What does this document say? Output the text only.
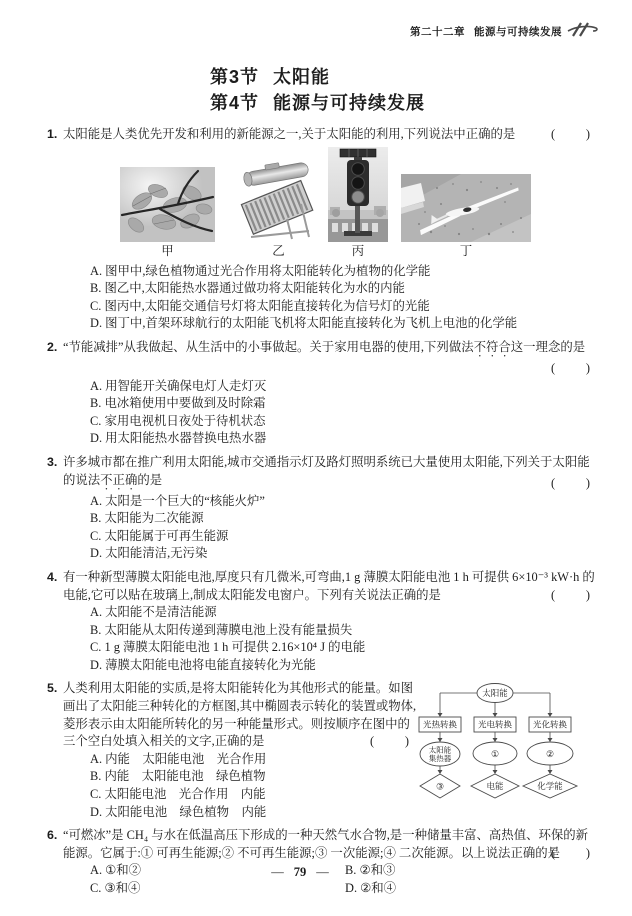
第二十二章 能源与可持续发展
第3节 太阳能
第4节 能源与可持续发展
1. 太阳能是人类优先开发和利用的新能源之一,关于太阳能的利用,下列说法中正确的是	(　　)

甲	乙	丙	丁
A. 图甲中,绿色植物通过光合作用将太阳能转化为植物的化学能
B. 图乙中,太阳能热水器通过做功将太阳能转化为水的内能
C. 图丙中,太阳能交通信号灯将太阳能直接转化为信号灯的光能
D. 图丁中,首架环球航行的太阳能飞机将太阳能直接转化为飞机上电池的化学能
2. “节能减排”从我做起、从生活中的小事做起。关于家用电器的使用,下列做法不符合这一理念的是

(　　)
A. 用智能开关确保电灯人走灯灭
B. 电冰箱使用中要做到及时除霜
C. 家用电视机日夜处于待机状态
D. 用太阳能热水器替换电热水器
3. 许多城市都在推广利用太阳能,城市交通指示灯及路灯照明系统已大量使用太阳能,下列关于太阳能的说法不正确的是	(　　)

A. 太阳是一个巨大的“核能火炉”
B. 太阳能为二次能源
C. 太阳能属于可再生能源
D. 太阳能清洁,无污染
4. 有一种新型薄膜太阳能电池,厚度只有几微米,可弯曲,1 g 薄膜太阳能电池 1 h 可提供 6×10⁻³ kW·h 的电能,它可以贴在玻璃上,制成太阳能发电窗户。下列有关说法正确的是	(　　)

A. 太阳能不是清洁能源
B. 太阳能从太阳传递到薄膜电池上没有能量损失
C. 1 g 薄膜太阳能电池 1 h 可提供 2.16×10⁴ J 的电能
D. 薄膜太阳能电池将电能直接转化为光能
5. 人类利用太阳能的实质,是将太阳能转化为其他形式的能量。如图画出了太阳能三种转化的方框图,其中椭圆表示转化的装置或物体,菱形表示由太阳能所转化的另一种能量形式。则按顺序在图中的三个空白处填入相关的文字,正确的是	(　　)

A. 内能　太阳能电池　光合作用
B. 内能　太阳能电池　绿色植物
C. 太阳能电池　光合作用　内能
D. 太阳能电池　绿色植物　内能
太阳能
光热转换 光电转换 光化转换
太阳能
集热器	①	②
③	电能	化学能
6. “可燃冰”是 CH₄ 与水在低温高压下形成的一种天然气水合物,是一种储量丰富、高热值、环保的新能源。它属于:① 可再生能源;② 不可再生能源;③ 一次能源;④ 二次能源。以上说法正确的是
(　　)

A. ①和②	B. ②和③
C. ③和④	D. ②和④
— 79 —
